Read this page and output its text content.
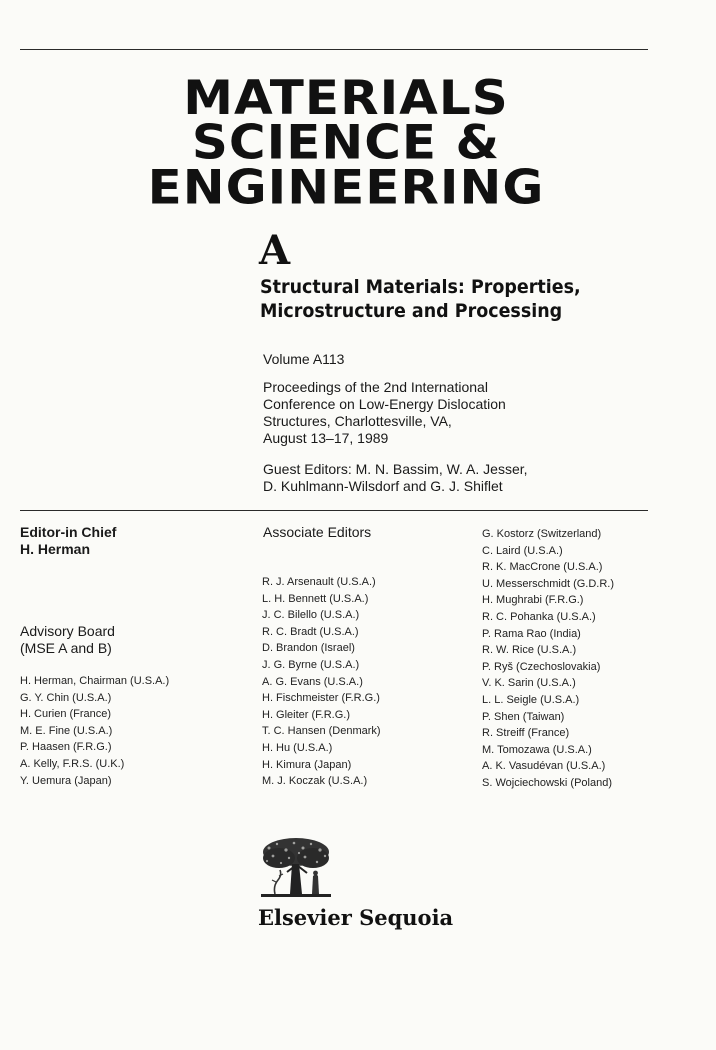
MATERIALS
SCIENCE &
ENGINEERING
A
Structural Materials: Properties,
Microstructure and Processing
Volume A113
Proceedings of the 2nd International
Conference on Low-Energy Dislocation
Structures, Charlottesville, VA,
August 13–17, 1989
Guest Editors: M. N. Bassim, W. A. Jesser,
D. Kuhlmann-Wilsdorf and G. J. Shiflet
Editor-in Chief
H. Herman
Advisory Board
(MSE A and B)
H. Herman, Chairman (U.S.A.)
G. Y. Chin (U.S.A.)
H. Curien (France)
M. E. Fine (U.S.A.)
P. Haasen (F.R.G.)
A. Kelly, F.R.S. (U.K.)
Y. Uemura (Japan)
Associate Editors
R. J. Arsenault (U.S.A.)
L. H. Bennett (U.S.A.)
J. C. Bilello (U.S.A.)
R. C. Bradt (U.S.A.)
D. Brandon (Israel)
J. G. Byrne (U.S.A.)
A. G. Evans (U.S.A.)
H. Fischmeister (F.R.G.)
H. Gleiter (F.R.G.)
T. C. Hansen (Denmark)
H. Hu (U.S.A.)
H. Kimura (Japan)
M. J. Koczak (U.S.A.)
G. Kostorz (Switzerland)
C. Laird (U.S.A.)
R. K. MacCrone (U.S.A.)
U. Messerschmidt (G.D.R.)
H. Mughrabi (F.R.G.)
R. C. Pohanka (U.S.A.)
P. Rama Rao (India)
R. W. Rice (U.S.A.)
P. Ryš (Czechoslovakia)
V. K. Sarin (U.S.A.)
L. L. Seigle (U.S.A.)
P. Shen (Taiwan)
R. Streiff (France)
M. Tomozawa (U.S.A.)
A. K. Vasudévan (U.S.A.)
S. Wojciechowski (Poland)
Elsevier Sequoia
